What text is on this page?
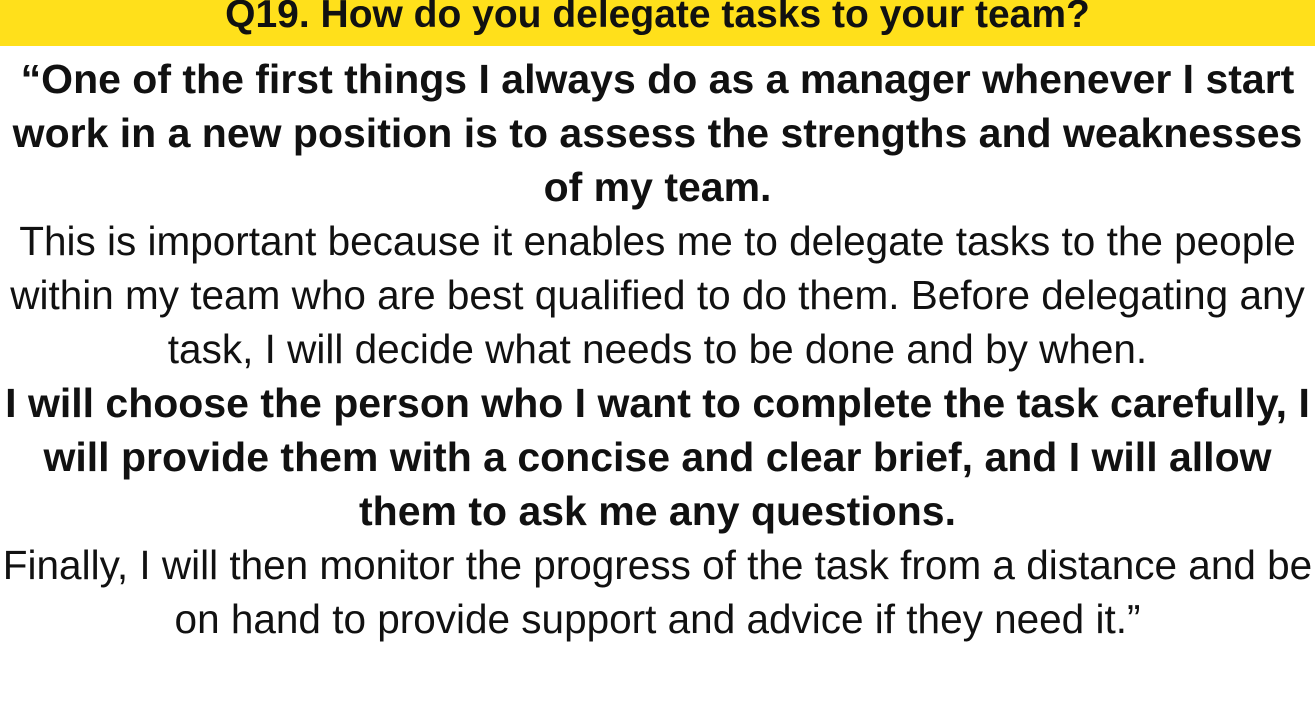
Q19. How do you delegate tasks to your team?

“One of the first things I always do as a manager whenever I start work in a new position is to assess the strengths and weaknesses of my team.

This is important because it enables me to delegate tasks to the people within my team who are best qualified to do them. Before delegating any task, I will decide what needs to be done and by when.

I will choose the person who I want to complete the task carefully, I will provide them with a concise and clear brief, and I will allow them to ask me any questions.

Finally, I will then monitor the progress of the task from a distance and be on hand to provide support and advice if they need it.”
